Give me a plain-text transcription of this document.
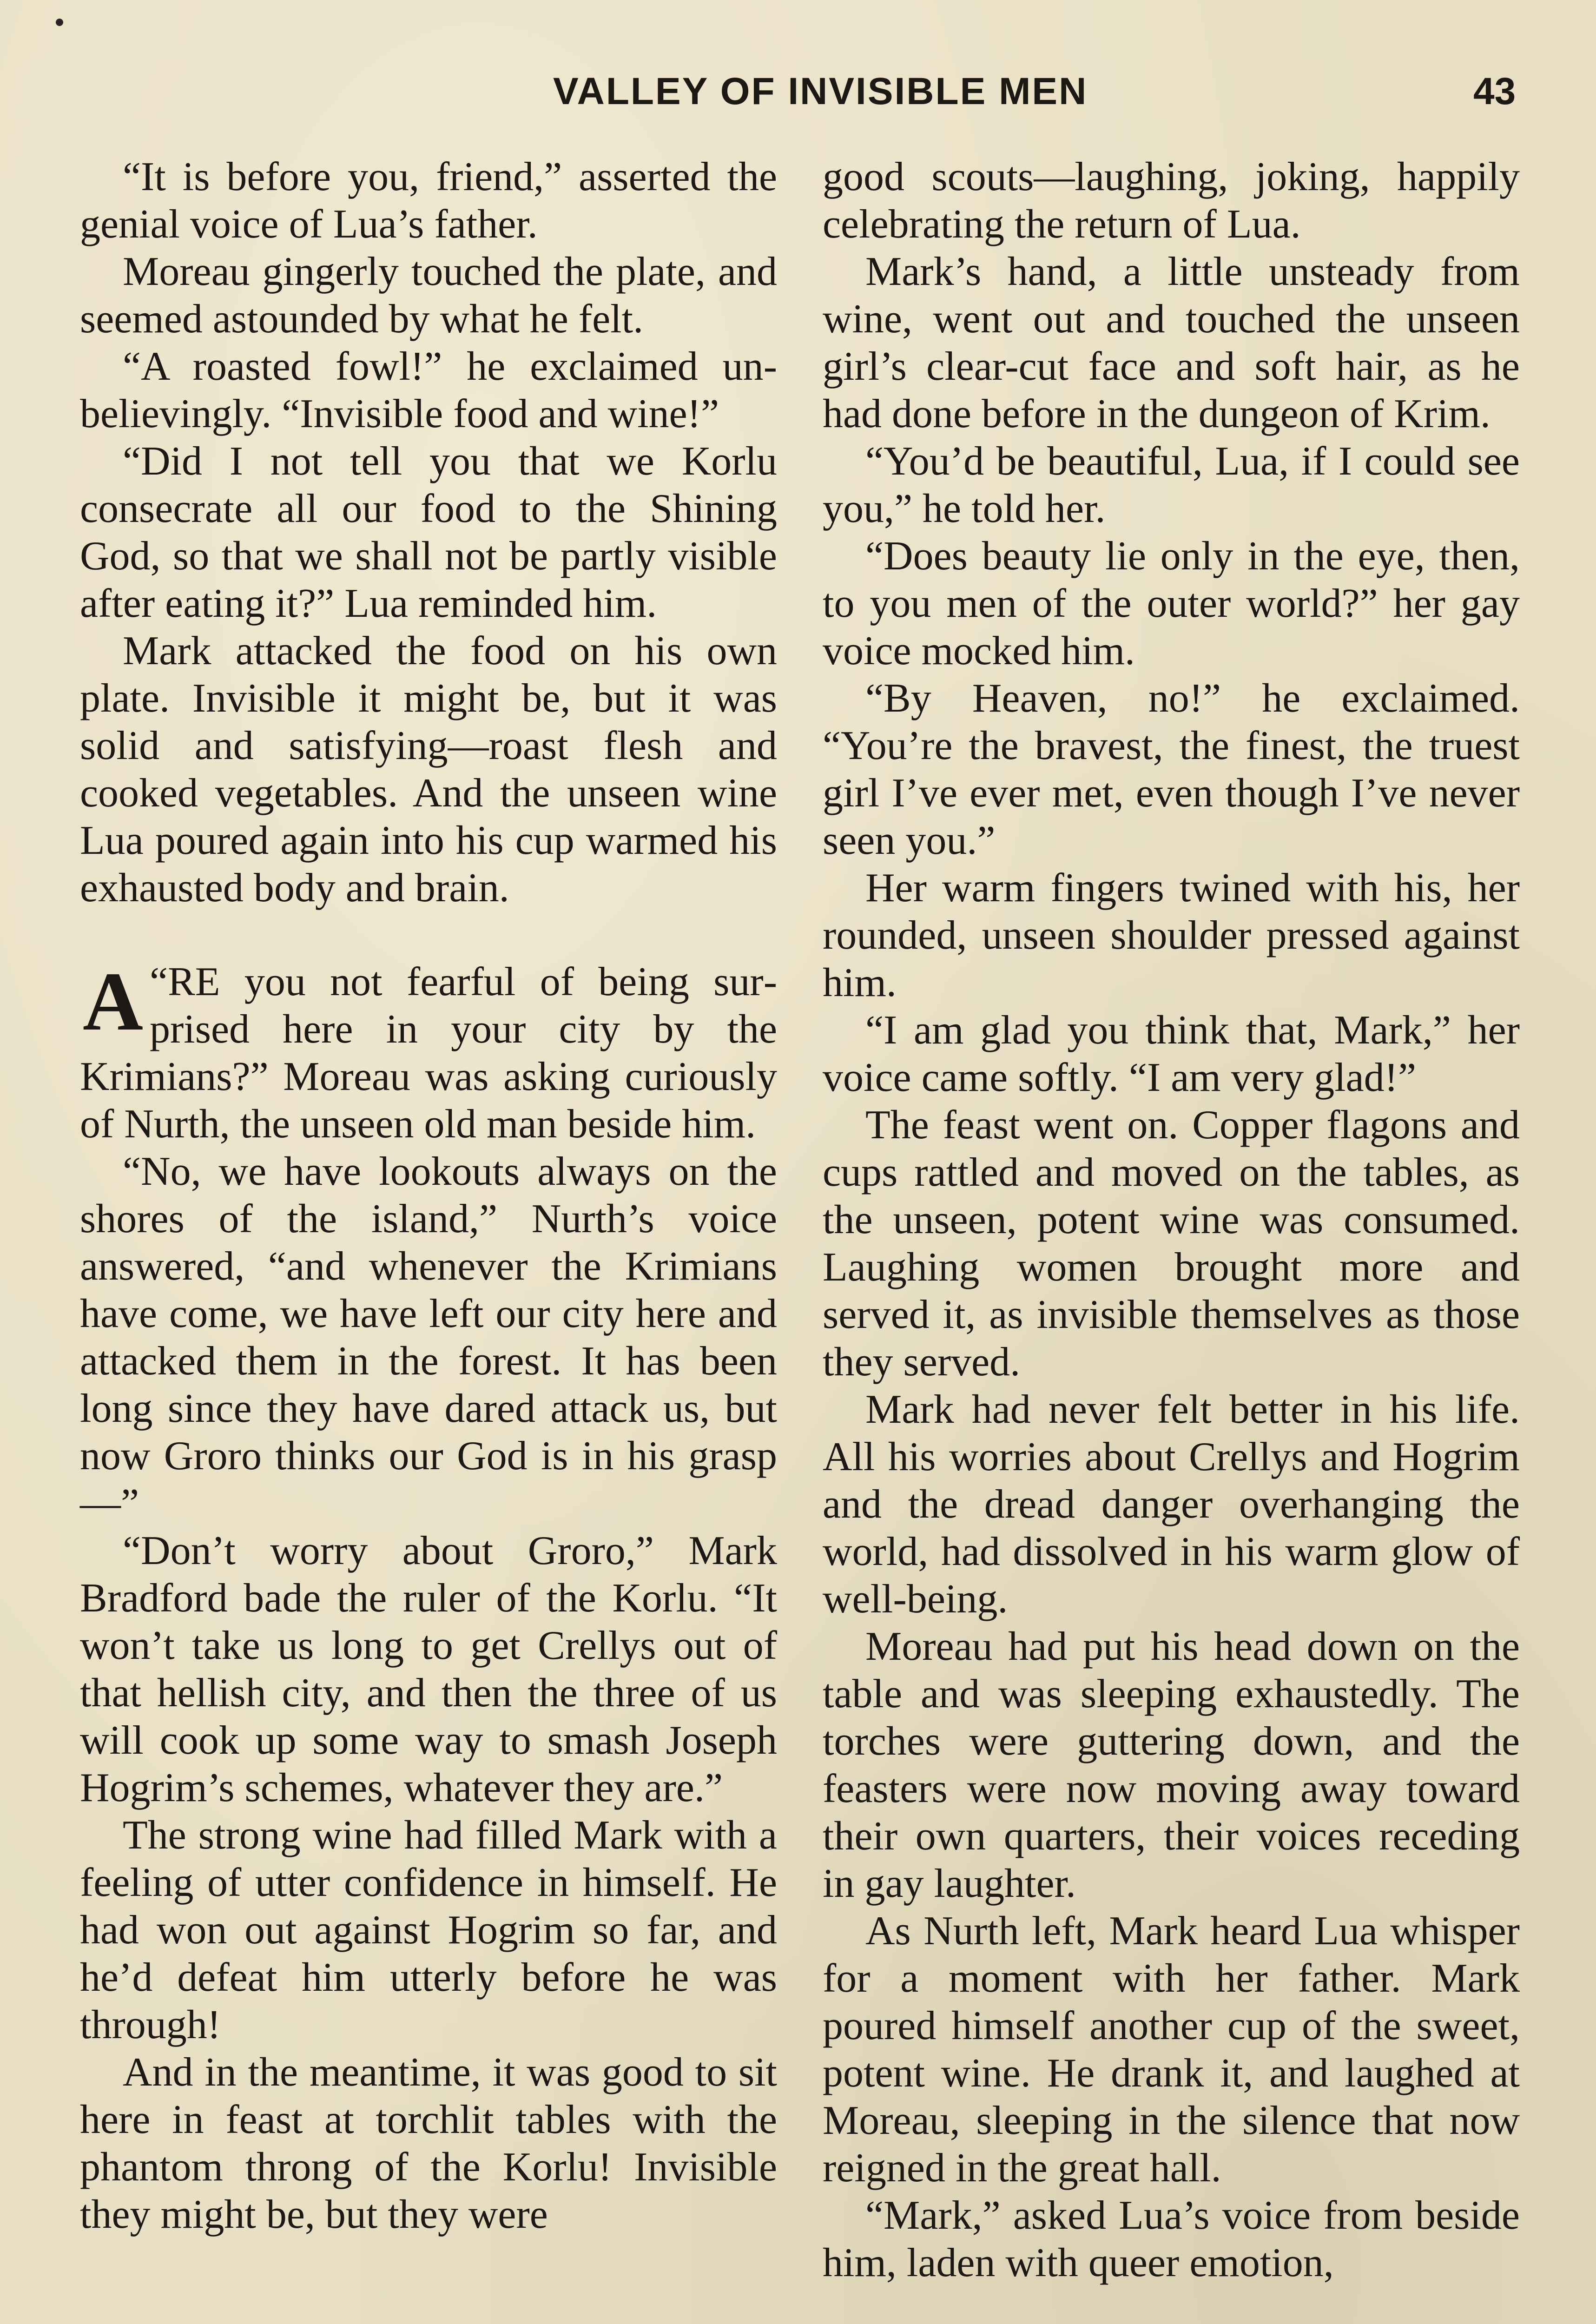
VALLEY OF INVISIBLE MEN	43

“It is before you, friend,” asserted the genial voice of Lua’s father.

Moreau gingerly touched the plate, and seemed astounded by what he felt.

“A roasted fowl!” he exclaimed unbelievingly. “Invisible food and wine!”

“Did I not tell you that we Korlu consecrate all our food to the Shining God, so that we shall not be partly visible after eating it?” Lua reminded him.

Mark attacked the food on his own plate. Invisible it might be, but it was solid and satisfying—roast flesh and cooked vegetables. And the unseen wine Lua poured again into his cup warmed his exhausted body and brain.

“
A RE you not fearful of being surprised here in your city by the Krimians?” Moreau was asking curiously of Nurth, the unseen old man beside him.

“No, we have lookouts always on the shores of the island,” Nurth’s voice answered, “and whenever the Krimians have come, we have left our city here and attacked them in the forest. It has been long since they have dared attack us, but now Groro thinks our God is in his grasp—”

“Don’t worry about Groro,” Mark Bradford bade the ruler of the Korlu. “It won’t take us long to get Crellys out of that hellish city, and then the three of us will cook up some way to smash Joseph Hogrim’s schemes, whatever they are.”

The strong wine had filled Mark with a feeling of utter confidence in himself. He had won out against Hogrim so far, and he’d defeat him utterly before he was through!

And in the meantime, it was good to sit here in feast at torchlit tables with the phantom throng of the Korlu! Invisible they might be, but they were

good scouts—laughing, joking, happily celebrating the return of Lua.

Mark’s hand, a little unsteady from wine, went out and touched the unseen girl’s clear-cut face and soft hair, as he had done before in the dungeon of Krim.

“You’d be beautiful, Lua, if I could see you,” he told her.

“Does beauty lie only in the eye, then, to you men of the outer world?” her gay voice mocked him.

“By Heaven, no!” he exclaimed. “You’re the bravest, the finest, the truest girl I’ve ever met, even though I’ve never seen you.”

Her warm fingers twined with his, her rounded, unseen shoulder pressed against him.

“I am glad you think that, Mark,” her voice came softly. “I am very glad!”

The feast went on. Copper flagons and cups rattled and moved on the tables, as the unseen, potent wine was consumed. Laughing women brought more and served it, as invisible themselves as those they served.

Mark had never felt better in his life. All his worries about Crellys and Hogrim and the dread danger overhanging the world, had dissolved in his warm glow of well-being.

Moreau had put his head down on the table and was sleeping exhaustedly. The torches were guttering down, and the feasters were now moving away toward their own quarters, their voices receding in gay laughter.

As Nurth left, Mark heard Lua whisper for a moment with her father. Mark poured himself another cup of the sweet, potent wine. He drank it, and laughed at Moreau, sleeping in the silence that now reigned in the great hall.

“Mark,” asked Lua’s voice from beside him, laden with queer emotion,
